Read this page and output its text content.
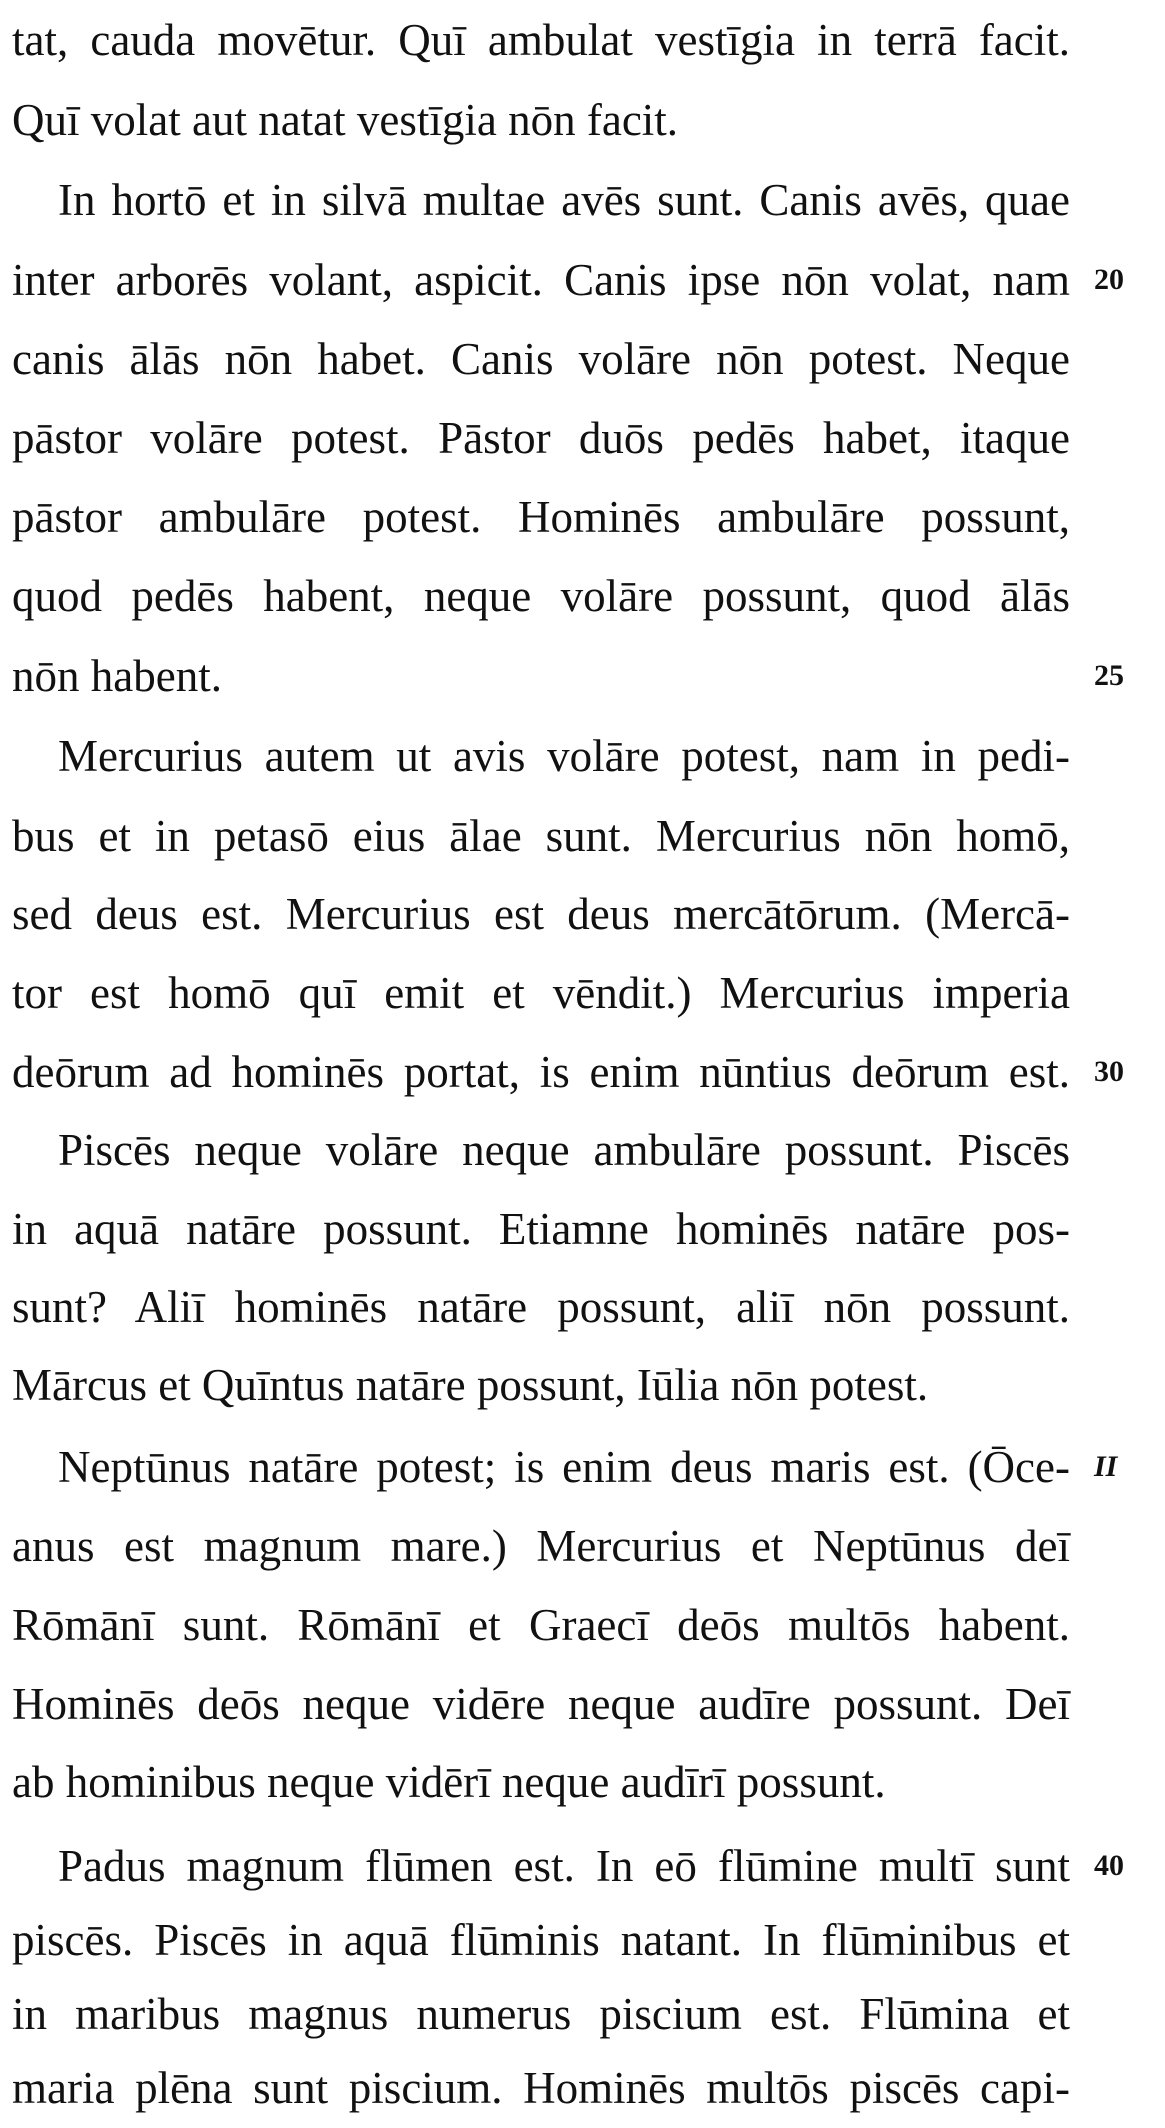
tat, cauda movētur. Quī ambulat vestīgia in terrā facit.
Quī volat aut natat vestīgia nōn facit.
In hortō et in silvā multae avēs sunt. Canis avēs, quae
inter arborēs volant, aspicit. Canis ipse nōn volat, nam 20
canis ālās nōn habet. Canis volāre nōn potest. Neque
pāstor volāre potest. Pāstor duōs pedēs habet, itaque
pāstor ambulāre potest. Hominēs ambulāre possunt,
quod pedēs habent, neque volāre possunt, quod ālās
nōn habent.	25
Mercurius autem ut avis volāre potest, nam in pedi-
bus et in petasō eius ālae sunt. Mercurius nōn homō,
sed deus est. Mercurius est deus mercātōrum. (Mercā-
tor est homō quī emit et vēndit.) Mercurius imperia
deōrum ad hominēs portat, is enim nūntius deōrum est. 30
Piscēs neque volāre neque ambulāre possunt. Piscēs
in aquā natāre possunt. Etiamne hominēs natāre pos-
sunt? Aliī hominēs natāre possunt, aliī nōn possunt.
Mārcus et Quīntus natāre possunt, Iūlia nōn potest.
Neptūnus natāre potest; is enim deus maris est. (Ōce- II
anus est magnum mare.) Mercurius et Neptūnus deī
Rōmānī sunt. Rōmānī et Graecī deōs multōs habent.
Hominēs deōs neque vidēre neque audīre possunt. Deī
ab hominibus neque vidērī neque audīrī possunt.
Padus magnum flūmen est. In eō flūmine multī sunt 40
piscēs. Piscēs in aquā flūminis natant. In flūminibus et
in maribus magnus numerus piscium est. Flūmina et
maria plēna sunt piscium. Hominēs multōs piscēs capi-
